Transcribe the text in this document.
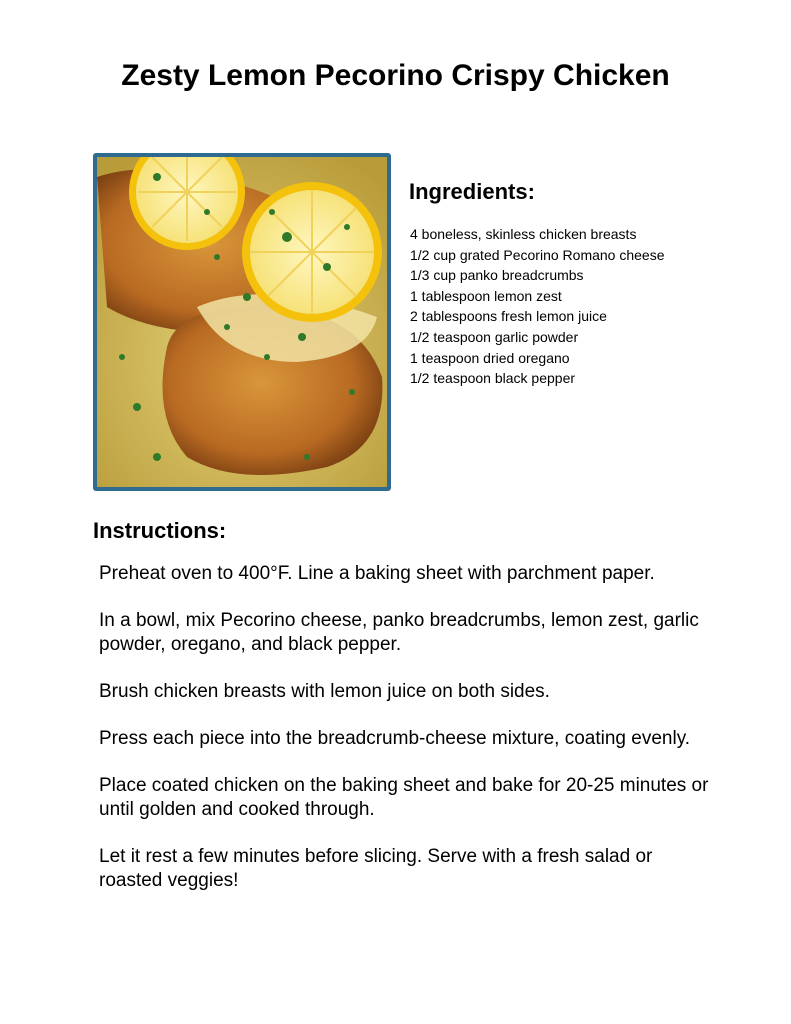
Zesty Lemon Pecorino Crispy Chicken
Ingredients:
4 boneless, skinless chicken breasts
1/2 cup grated Pecorino Romano cheese
1/3 cup panko breadcrumbs
1 tablespoon lemon zest
2 tablespoons fresh lemon juice
1/2 teaspoon garlic powder
1 teaspoon dried oregano
1/2 teaspoon black pepper
Instructions:
Preheat oven to 400°F. Line a baking sheet with parchment paper.
In a bowl, mix Pecorino cheese, panko breadcrumbs, lemon zest, garlic powder, oregano, and black pepper.
Brush chicken breasts with lemon juice on both sides.
Press each piece into the breadcrumb-cheese mixture, coating evenly.
Place coated chicken on the baking sheet and bake for 20-25 minutes or until golden and cooked through.
Let it rest a few minutes before slicing. Serve with a fresh salad or roasted veggies!
